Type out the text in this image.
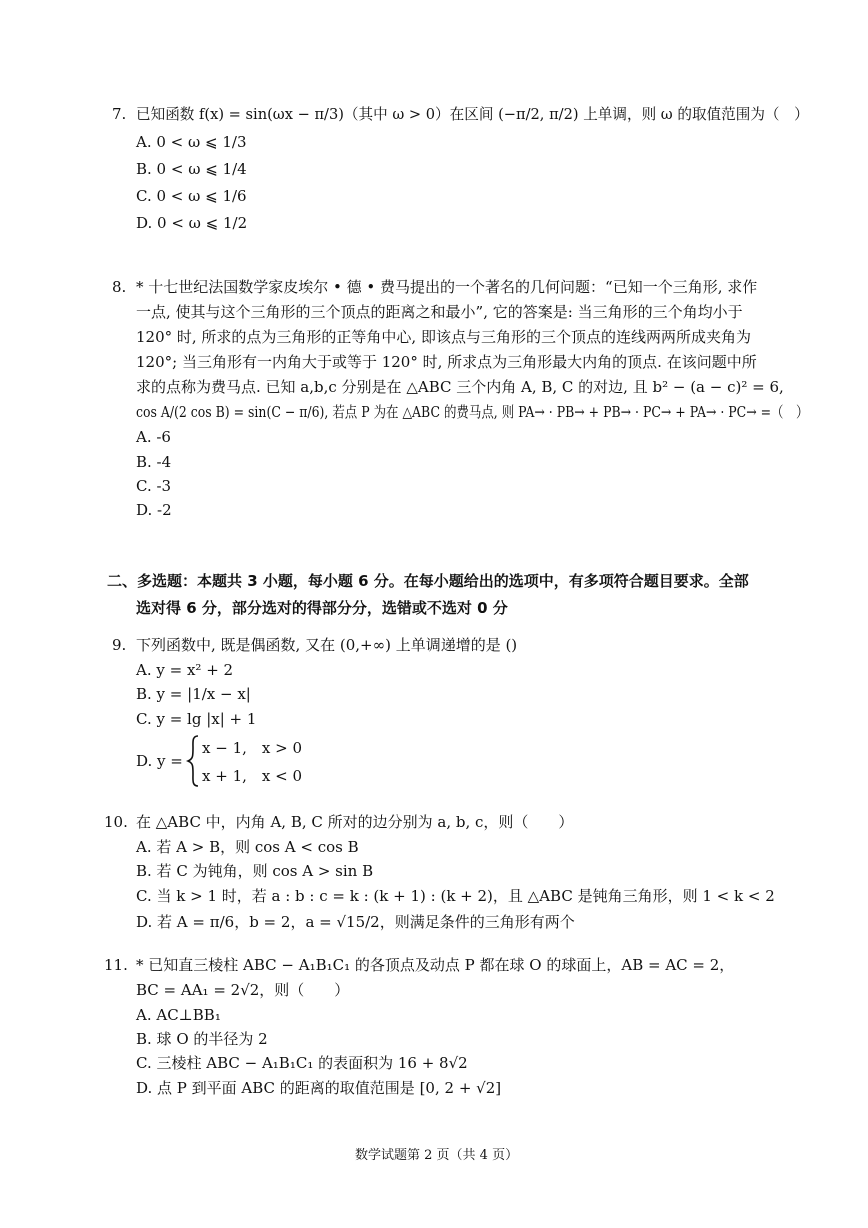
7. 已知函数 f(x) = sin(ωx − π/3)（其中 ω > 0）在区间 (−π/2, π/2) 上单调，则 ω 的取值范围为（　）
A. 0 < ω ⩽ 1/3
B. 0 < ω ⩽ 1/4
C. 0 < ω ⩽ 1/6
D. 0 < ω ⩽ 1/2
8. * 十七世纪法国数学家皮埃尔 • 德 • 费马提出的一个著名的几何问题：“已知一个三角形, 求作
一点, 使其与这个三角形的三个顶点的距离之和最小”, 它的答案是: 当三角形的三个角均小于
120° 时, 所求的点为三角形的正等角中心, 即该点与三角形的三个顶点的连线两两所成夹角为
120°; 当三角形有一内角大于或等于 120° 时, 所求点为三角形最大内角的顶点. 在该问题中所
求的点称为费马点. 已知 a,b,c 分别是在 △ABC 三个内角 A, B, C 的对边, 且 b² − (a − c)² = 6,
cos A/(2 cos B) = sin(C − π/6), 若点 P 为在 △ABC 的费马点, 则 PA→ · PB→ + PB→ · PC→ + PA→ · PC→ =（　）
A. -6
B. -4
C. -3
D. -2
二、多选题：本题共 3 小题，每小题 6 分。在每小题给出的选项中，有多项符合题目要求。全部
选对得 6 分，部分选对的得部分分，选错或不选对 0 分
9. 下列函数中, 既是偶函数, 又在 (0,+∞) 上单调递增的是 ()
A. y = x² + 2
B. y = |1/x − x|
C. y = lg |x| + 1
D. y =
x − 1,　x > 0
x + 1,　x < 0
10. 在 △ABC 中，内角 A, B, C 所对的边分别为 a, b, c，则（　　）
A. 若 A > B，则 cos A < cos B
B. 若 C 为钝角，则 cos A > sin B
C. 当 k > 1 时，若 a : b : c = k : (k + 1) : (k + 2)，且 △ABC 是钝角三角形，则 1 < k < 2
D. 若 A = π/6，b = 2，a = √15/2，则满足条件的三角形有两个
11. * 已知直三棱柱 ABC − A₁B₁C₁ 的各顶点及动点 P 都在球 O 的球面上，AB = AC = 2，
BC = AA₁ = 2√2，则（　　）
A. AC⊥BB₁
B. 球 O 的半径为 2
C. 三棱柱 ABC − A₁B₁C₁ 的表面积为 16 + 8√2
D. 点 P 到平面 ABC 的距离的取值范围是 [0, 2 + √2]
数学试题第 2 页（共 4 页）
